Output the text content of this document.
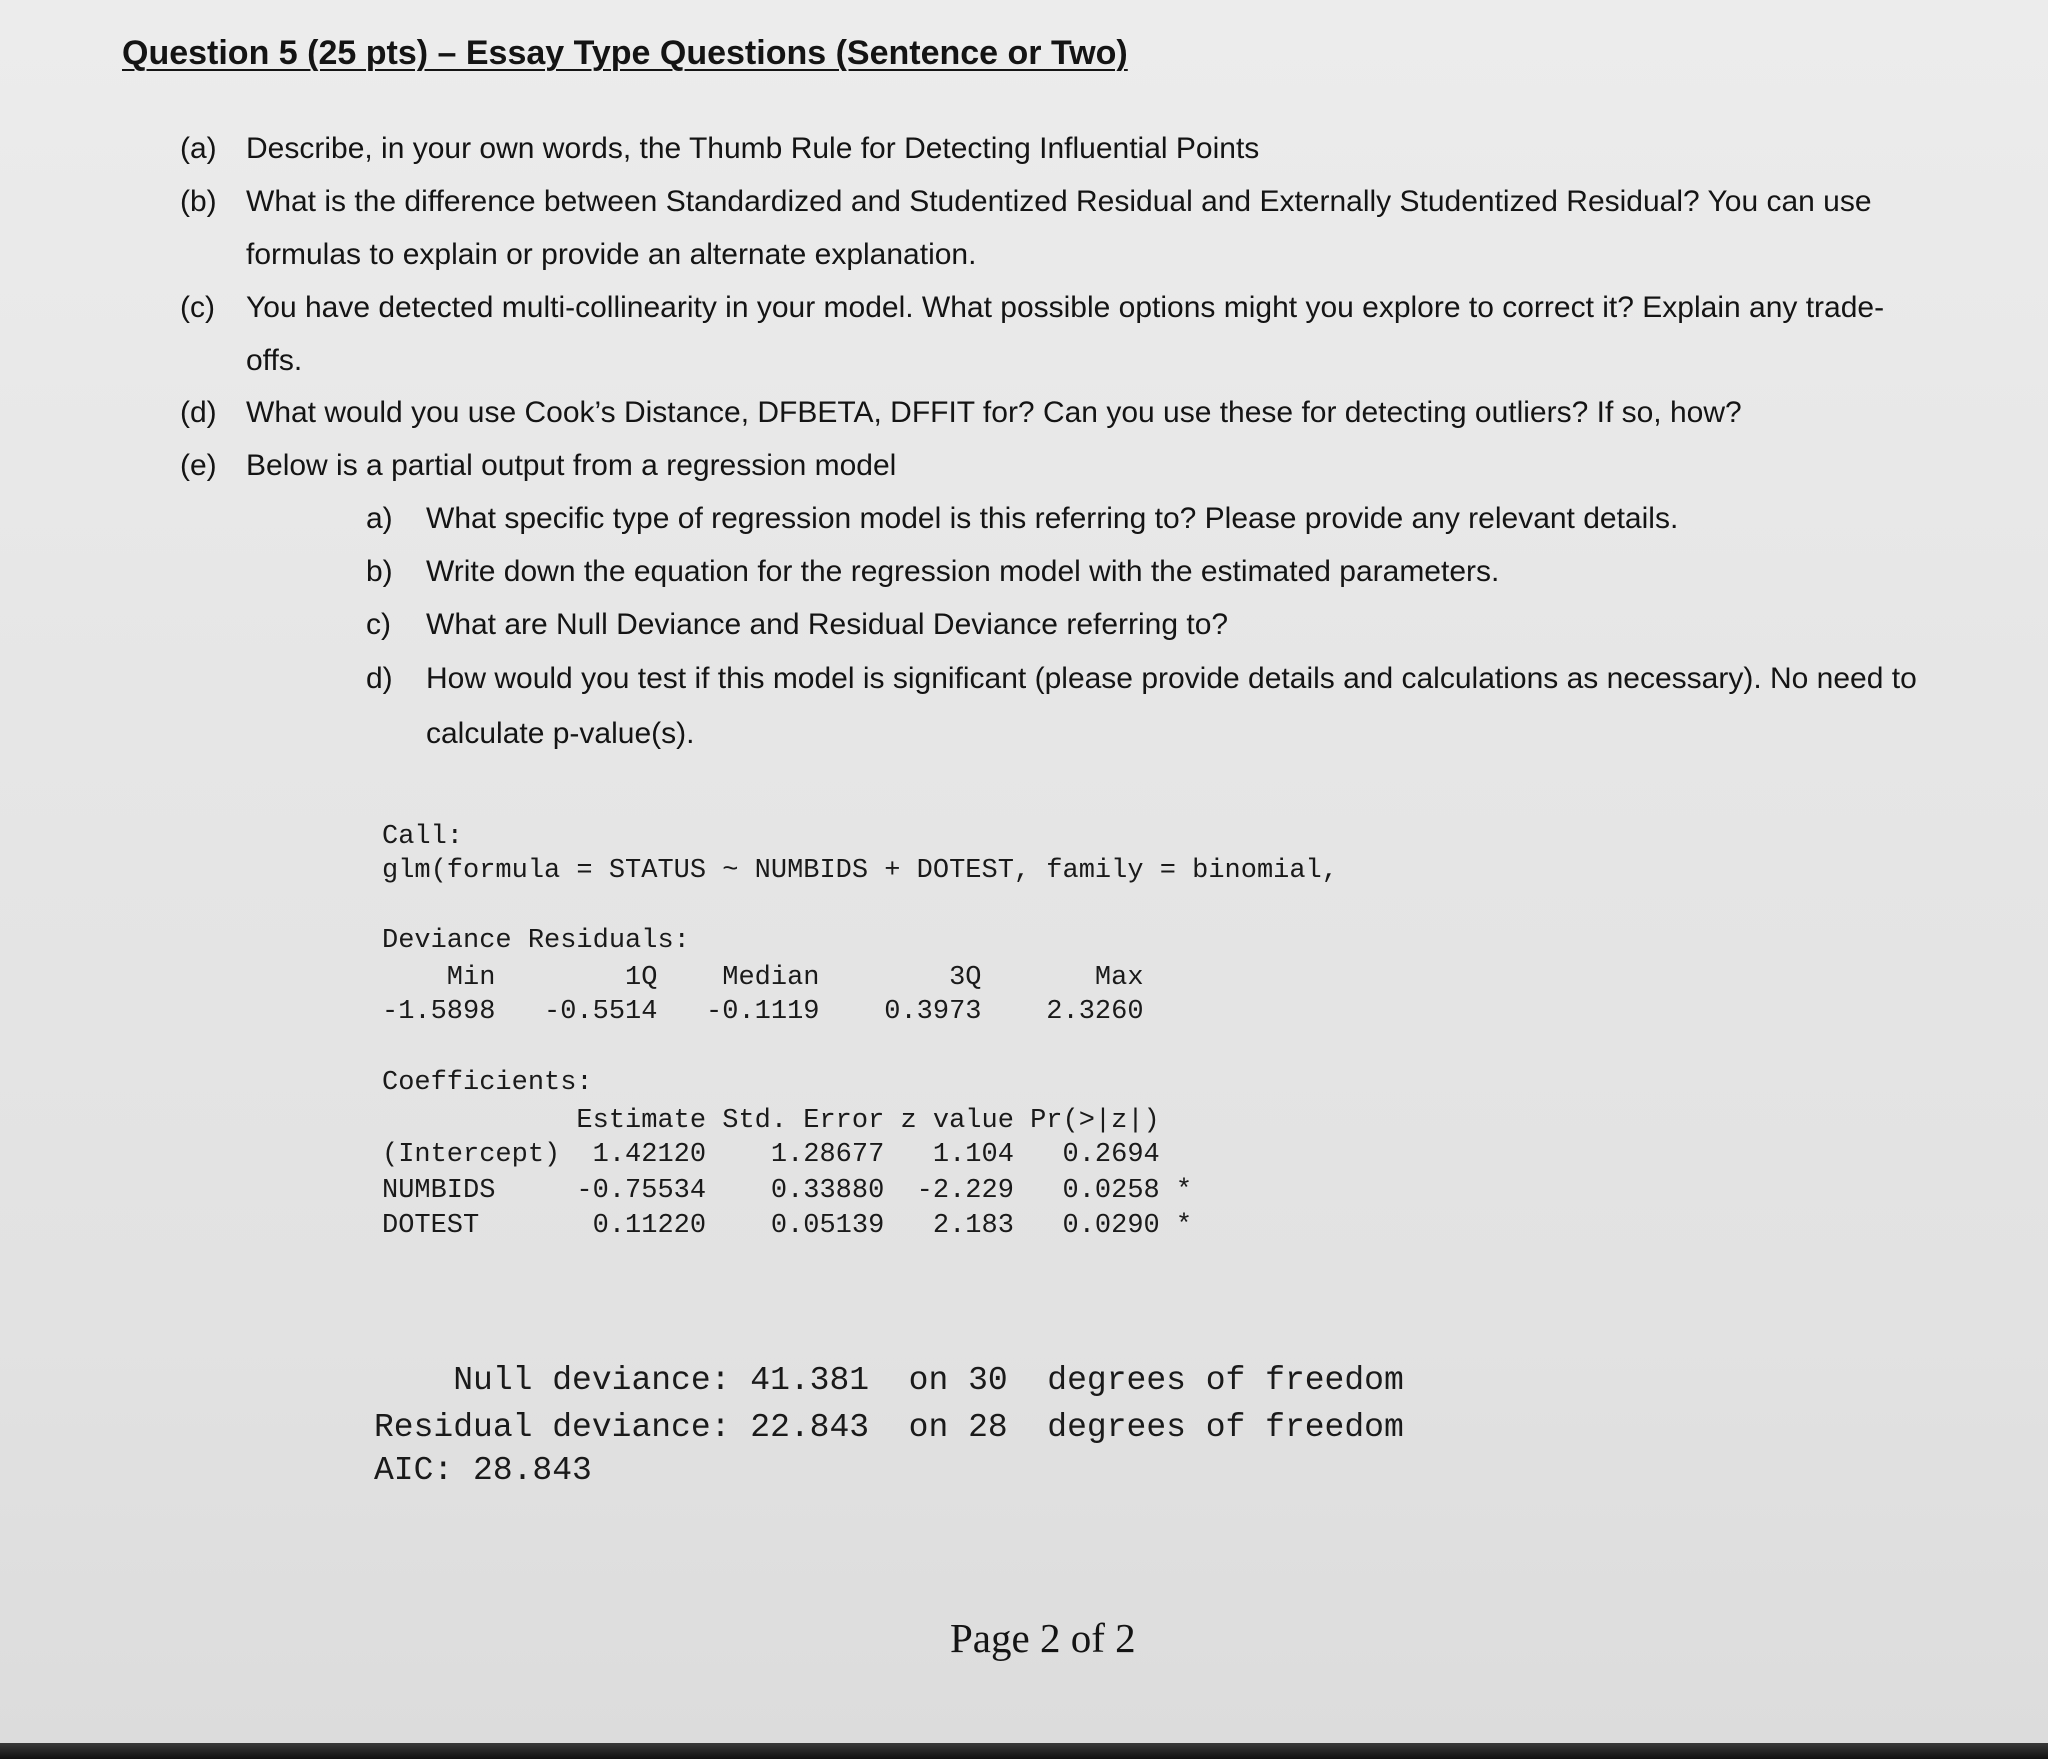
Question 5 (25 pts) – Essay Type Questions (Sentence or Two)
(a) Describe, in your own words, the Thumb Rule for Detecting Influential Points
(b) What is the difference between Standardized and Studentized Residual and Externally Studentized Residual? You can use
formulas to explain or provide an alternate explanation.
(c) You have detected multi-collinearity in your model. What possible options might you explore to correct it? Explain any trade-
offs.
(d) What would you use Cook’s Distance, DFBETA, DFFIT for? Can you use these for detecting outliers? If so, how?
(e) Below is a partial output from a regression model
a) What specific type of regression model is this referring to? Please provide any relevant details.
b) Write down the equation for the regression model with the estimated parameters.
c) What are Null Deviance and Residual Deviance referring to?
d) How would you test if this model is significant (please provide details and calculations as necessary). No need to
calculate p-value(s).
Call:
glm(formula = STATUS ~ NUMBIDS + DOTEST, family = binomial,
Deviance Residuals:
Min        1Q    Median        3Q       Max
-1.5898   -0.5514   -0.1119    0.3973    2.3260
Coefficients:
Estimate Std. Error z value Pr(>|z|)
(Intercept)  1.42120    1.28677   1.104   0.2694
NUMBIDS     -0.75534    0.33880  -2.229   0.0258 *
DOTEST       0.11220    0.05139   2.183   0.0290 *
Null deviance: 41.381  on 30  degrees of freedom
Residual deviance: 22.843  on 28  degrees of freedom
AIC: 28.843
Page 2 of 2
